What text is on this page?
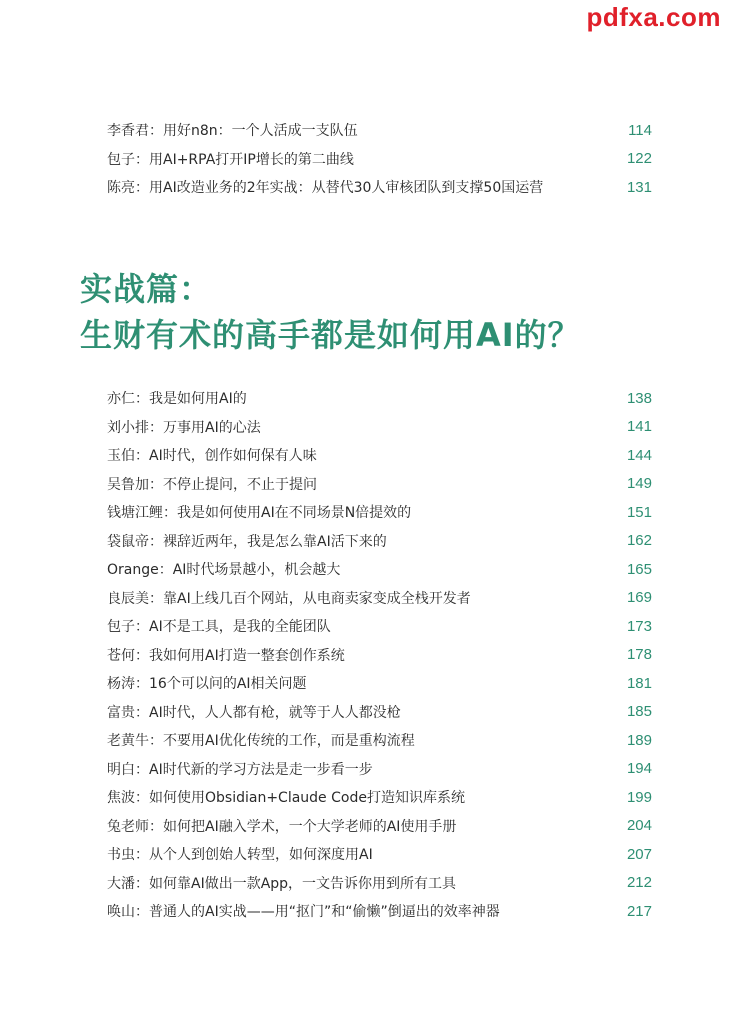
pdfxa.com
李香君：用好n8n：一个人活成一支队伍	114
包子：用AI+RPA打开IP增长的第二曲线	122
陈亮：用AI改造业务的2年实战：从替代30人审核团队到支撑50国运营	131
实战篇：
生财有术的高手都是如何用AI的？
亦仁：我是如何用AI的	138
刘小排：万事用AI的心法	141
玉伯：AI时代，创作如何保有人味	144
吴鲁加：不停止提问，不止于提问	149
钱塘江鲤：我是如何使用AI在不同场景N倍提效的	151
袋鼠帝：裸辞近两年，我是怎么靠AI活下来的	162
Orange：AI时代场景越小，机会越大	165
良辰美：靠AI上线几百个网站，从电商卖家变成全栈开发者	169
包子：AI不是工具，是我的全能团队	173
苍何：我如何用AI打造一整套创作系统	178
杨涛：16个可以问的AI相关问题	181
富贵：AI时代，人人都有枪，就等于人人都没枪	185
老黄牛：不要用AI优化传统的工作，而是重构流程	189
明白：AI时代新的学习方法是走一步看一步	194
焦波：如何使用Obsidian+Claude Code打造知识库系统	199
兔老师：如何把AI融入学术，一个大学老师的AI使用手册	204
书虫：从个人到创始人转型，如何深度用AI	207
大潘：如何靠AI做出一款App，一文告诉你用到所有工具	212
唤山：普通人的AI实战——用“抠门”和“偷懒”倒逼出的效率神器	217
